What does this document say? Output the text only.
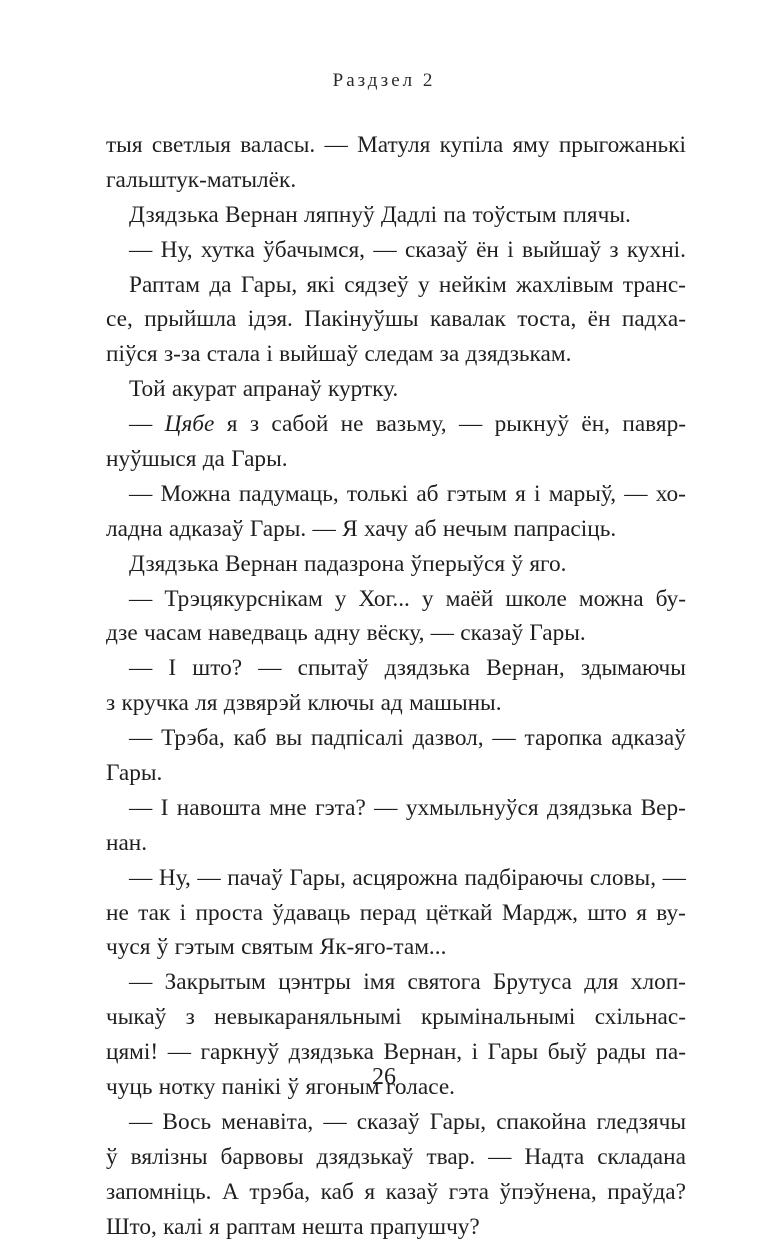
Раздзел 2
тыя светлыя валасы. — Матуля купіла яму прыгожанькі
гальштук-матылёк.
Дзядзька Вернан ляпнуў Дадлі па тоўстым плячы.
— Ну, хутка ўбачымся, — сказаў ён і выйшаў з кухні.
Раптам да Гары, які сядзеў у нейкім жахлівым транс-
се, прыйшла ідэя. Пакінуўшы кавалак тоста, ён падха-
піўся з-за стала і выйшаў следам за дзядзькам.
Той акурат апранаў куртку.
— Цябе я з сабой не вазьму, — рыкнуў ён, павяр-
нуўшыся да Гары.
— Можна падумаць, толькі аб гэтым я і марыў, — хо-
ладна адказаў Гары. — Я хачу аб нечым папрасіць.
Дзядзька Вернан падазрона ўперыўся ў яго.
— Трэцякурснікам у Хог... у маёй школе можна бу-
дзе часам наведваць адну вёску, — сказаў Гары.
— І што? — спытаў дзядзька Вернан, здымаючы
з кручка ля дзвярэй ключы ад машыны.
— Трэба, каб вы падпісалі дазвол, — таропка адказаў
Гары.
— І навошта мне гэта? — ухмыльнуўся дзядзька Вер-
нан.
— Ну, — пачаў Гары, асцярожна падбіраючы словы, —
не так і проста ўдаваць перад цёткай Мардж, што я ву-
чуся ў гэтым святым Як-яго-там...
— Закрытым цэнтры імя святога Брутуса для хлоп-
чыкаў з невыкараняльнымі крымінальнымі схільнас-
цямі! — гаркнуў дзядзька Вернан, і Гары быў рады па-
чуць нотку панікі ў ягоным голасе.
— Вось менавіта, — сказаў Гары, спакойна гледзячы
ў вялізны барвовы дзядзькаў твар. — Надта складана
запомніць. А трэба, каб я казаў гэта ўпэўнена, праўда?
Што, калі я раптам нешта прапушчу?
26
